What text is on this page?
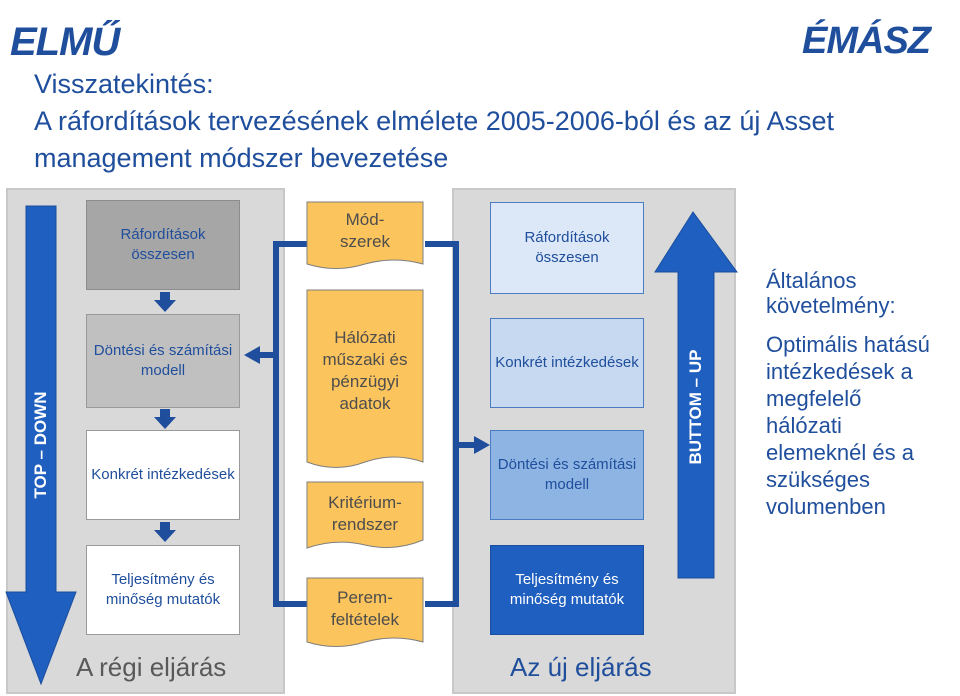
ELMŰ	ÉMÁSZ
Visszatekintés:
A ráfordítások tervezésének elmélete 2005-2006-ból és az új Asset
management módszer bevezetése
Ráfordítások összesen
Döntési és számítási modell
Konkrét intézkedések
Teljesítmény és minőség mutatók
TOP – DOWN
Mód-szerek
Hálózati műszaki és pénzügyi adatok
Kritérium-rendszer
Perem-feltételek
Ráfordítások összesen
Konkrét intézkedések
Döntési és számítási modell
Teljesítmény és minőség mutatók
BUTTOM – UP
A régi eljárás	Az új eljárás
Általános
követelmény:
Optimális hatású
intézkedések a
megfelelő
hálózati
elemeknél és a
szükséges
volumenben
